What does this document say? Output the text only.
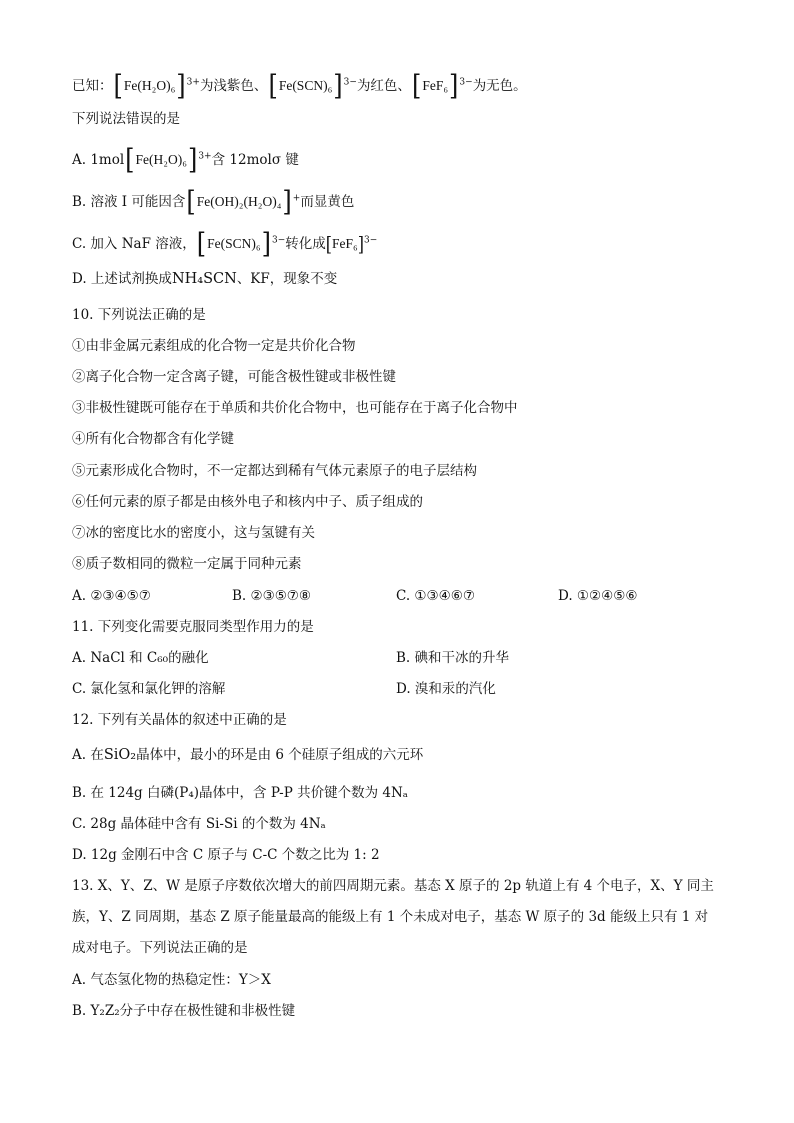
已知：$[Fe(H_2O)_6]^{3+}$为浅紫色、$[Fe(SCN)_6]^{3-}$为红色、$[FeF_6]^{3-}$为无色。
下列说法错误的是
A. $1mol[Fe(H_2O)_6]^{3+}$含 12molσ 键
B. 溶液 I 可能因含[Fe(OH)₂(H₂O)₄]+而显黄色
C. 加入 NaF 溶液，$[Fe(SCN)_6]^{3-}$转化成$[FeF_6]^{3-}$
D. 上述试剂换成NH₄SCN、KF，现象不变
10. 下列说法正确的是
①由非金属元素组成的化合物一定是共价化合物
②离子化合物一定含离子键，可能含极性键或非极性键
③非极性键既可能存在于单质和共价化合物中，也可能存在于离子化合物中
④所有化合物都含有化学键
⑤元素形成化合物时，不一定都达到稀有气体元素原子的电子层结构
⑥任何元素的原子都是由核外电子和核内中子、质子组成的
⑦冰的密度比水的密度小，这与氢键有关
⑧质子数相同的微粒一定属于同种元素
A. ②③④⑤⑦	B. ②③⑤⑦⑧	C. ①③④⑥⑦	D. ①②④⑤⑥
11. 下列变化需要克服同类型作用力的是
A. NaCl 和 C₆₀的融化	B. 碘和干冰的升华
C. 氯化氢和氯化钾的溶解	D. 溴和汞的汽化
12. 下列有关晶体的叙述中正确的是
A. 在SiO₂晶体中，最小的环是由 6 个硅原子组成的六元环
B. 在 124g 白磷(P₄)晶体中，含 P-P 共价键个数为 4Nₐ
C. 28g 晶体硅中含有 Si-Si 的个数为 4Nₐ
D. 12g 金刚石中含 C 原子与 C-C 个数之比为 1: 2
13. X、Y、Z、W 是原子序数依次增大的前四周期元素。基态 X 原子的 2p 轨道上有 4 个电子，X、Y 同主
族，Y、Z 同周期，基态 Z 原子能量最高的能级上有 1 个未成对电子，基态 W 原子的 3d 能级上只有 1 对
成对电子。下列说法正确的是
A. 气态氢化物的热稳定性：Y＞X
B. Y₂Z₂分子中存在极性键和非极性键
